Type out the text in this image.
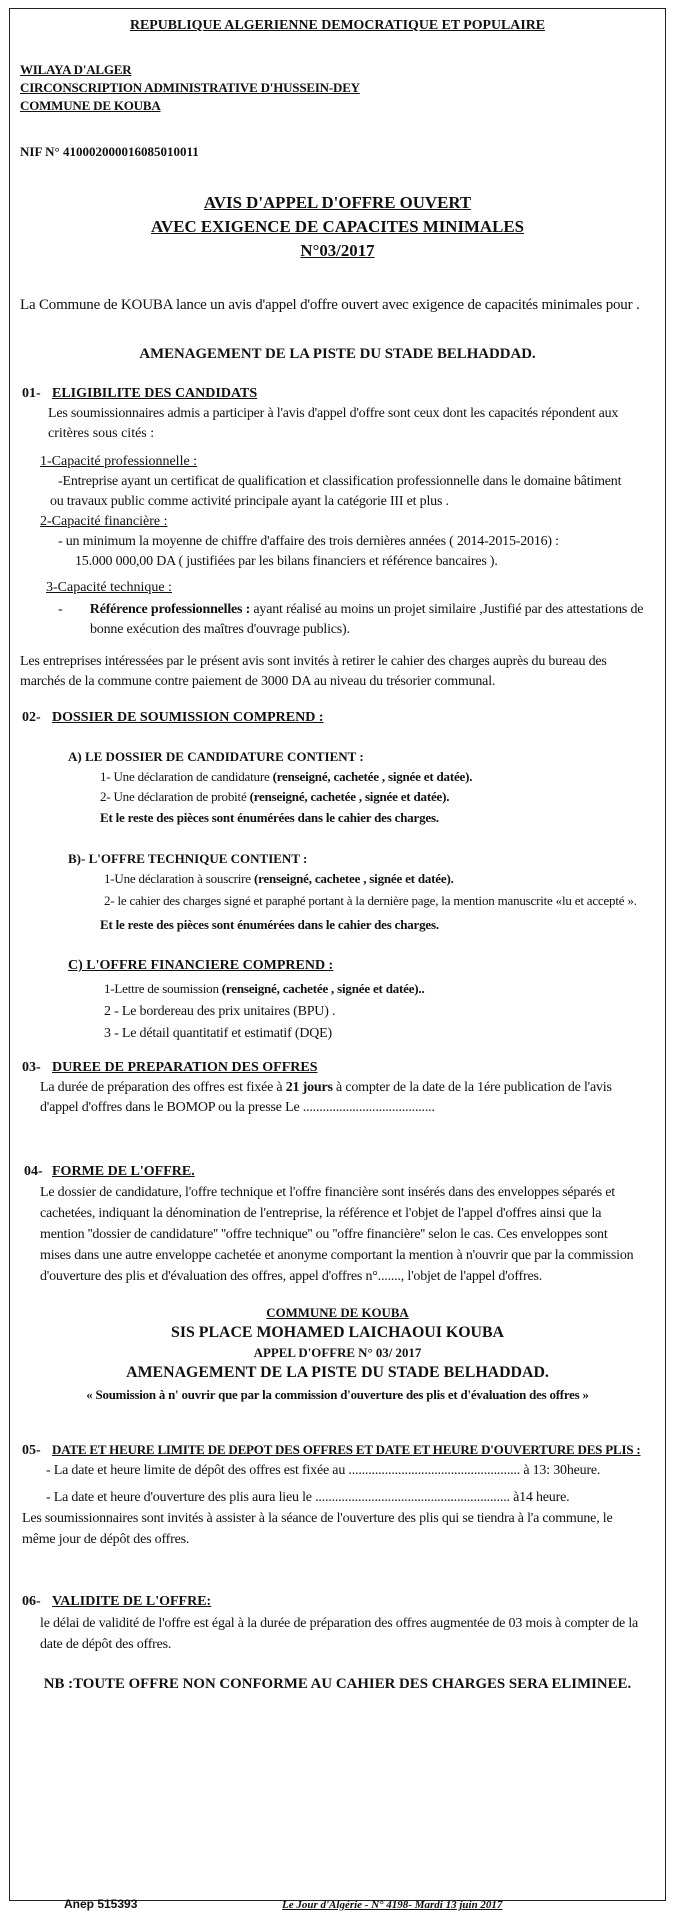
REPUBLIQUE ALGERIENNE DEMOCRATIQUE ET POPULAIRE
WILAYA D'ALGER
CIRCONSCRIPTION ADMINISTRATIVE D'HUSSEIN-DEY
COMMUNE DE KOUBA
NIF N° 410002000016085010011
AVIS D'APPEL D'OFFRE OUVERT
AVEC EXIGENCE DE CAPACITES MINIMALES
N°03/2017
La Commune de KOUBA lance un avis d'appel d'offre ouvert avec exigence de capacités minimales pour .
AMENAGEMENT DE LA PISTE DU STADE BELHADDAD.
01- ELIGIBILITE DES CANDIDATS
Les soumissionnaires admis a participer à l'avis d'appel d'offre sont ceux dont les capacités répondent aux
critères sous cités :
1-Capacité professionnelle :
-Entreprise ayant un certificat de qualification et classification professionnelle dans le domaine bâtiment
ou travaux public comme activité principale ayant la catégorie III et plus .
2-Capacité financière :
- un minimum la moyenne de chiffre d'affaire des trois dernières années ( 2014-2015-2016) :
15.000 000,00 DA ( justifiées par les bilans financiers et référence bancaires ).
3-Capacité technique :
- Référence professionnelles : ayant réalisé au moins un projet similaire ,Justifié par des attestations de
bonne exécution des maîtres d'ouvrage publics).
Les entreprises intéressées par le présent avis sont invités à retirer le cahier des charges auprès du bureau des
marchés de la commune contre paiement de 3000 DA au niveau du trésorier communal.
02- DOSSIER DE SOUMISSION COMPREND :
A) LE DOSSIER DE CANDIDATURE CONTIENT :
1- Une déclaration de candidature (renseigné, cachetée , signée et datée).
2- Une déclaration de probité (renseigné, cachetée , signée et datée).
Et le reste des pièces sont énumérées dans le cahier des charges.
B)- L'OFFRE TECHNIQUE CONTIENT :
1-Une déclaration à souscrire (renseigné, cachetee , signée et datée).
2- le cahier des charges signé et paraphé portant à la dernière page, la mention manuscrite «lu et accepté ».
Et le reste des pièces sont énumérées dans le cahier des charges.
C) L'OFFRE FINANCIERE COMPREND :
1-Lettre de soumission (renseigné, cachetée , signée et datée)..
2 - Le bordereau des prix unitaires (BPU) .
3 - Le détail quantitatif et estimatif (DQE)
03- DUREE DE PREPARATION DES OFFRES
La durée de préparation des offres est fixée à 21 jours à compter de la date de la 1ére publication de l'avis
d'appel d'offres dans le BOMOP ou la presse Le ........................................
04- FORME DE L'OFFRE.
Le dossier de candidature, l'offre technique et l'offre financière sont insérés dans des enveloppes séparés et
cachetées, indiquant la dénomination de l'entreprise, la référence et l'objet de l'appel d'offres ainsi que la
mention ''dossier de candidature'' ''offre technique'' ou ''offre financière'' selon le cas. Ces enveloppes sont
mises dans une autre enveloppe cachetée et anonyme comportant la mention à n'ouvrir que par la commission
d'ouverture des plis et d'évaluation des offres, appel d'offres n°......., l'objet de l'appel d'offres.
COMMUNE DE KOUBA
SIS PLACE MOHAMED LAICHAOUI KOUBA
APPEL D'OFFRE N° 03/ 2017
AMENAGEMENT DE LA PISTE DU STADE BELHADDAD.
« Soumission à n' ouvrir que par la commission d'ouverture des plis et d'évaluation des offres »
05- DATE ET HEURE LIMITE DE DEPOT DES OFFRES ET DATE ET HEURE D'OUVERTURE DES PLIS :
- La date et heure limite de dépôt des offres est fixée au .................................................... à 13: 30heure.
- La date et heure d'ouverture des plis aura lieu le ........................................................... à14 heure.
Les soumissionnaires sont invités à assister à la séance de l'ouverture des plis qui se tiendra à l'a commune, le
même jour de dépôt des offres.
06- VALIDITE DE L'OFFRE:
le délai de validité de l'offre est égal à la durée de préparation des offres augmentée de 03 mois à compter de la
date de dépôt des offres.
NB :TOUTE OFFRE NON CONFORME AU CAHIER DES CHARGES SERA ELIMINEE.
Anep 515393	Le Jour d'Algérie - N° 4198- Mardi 13 juin 2017
